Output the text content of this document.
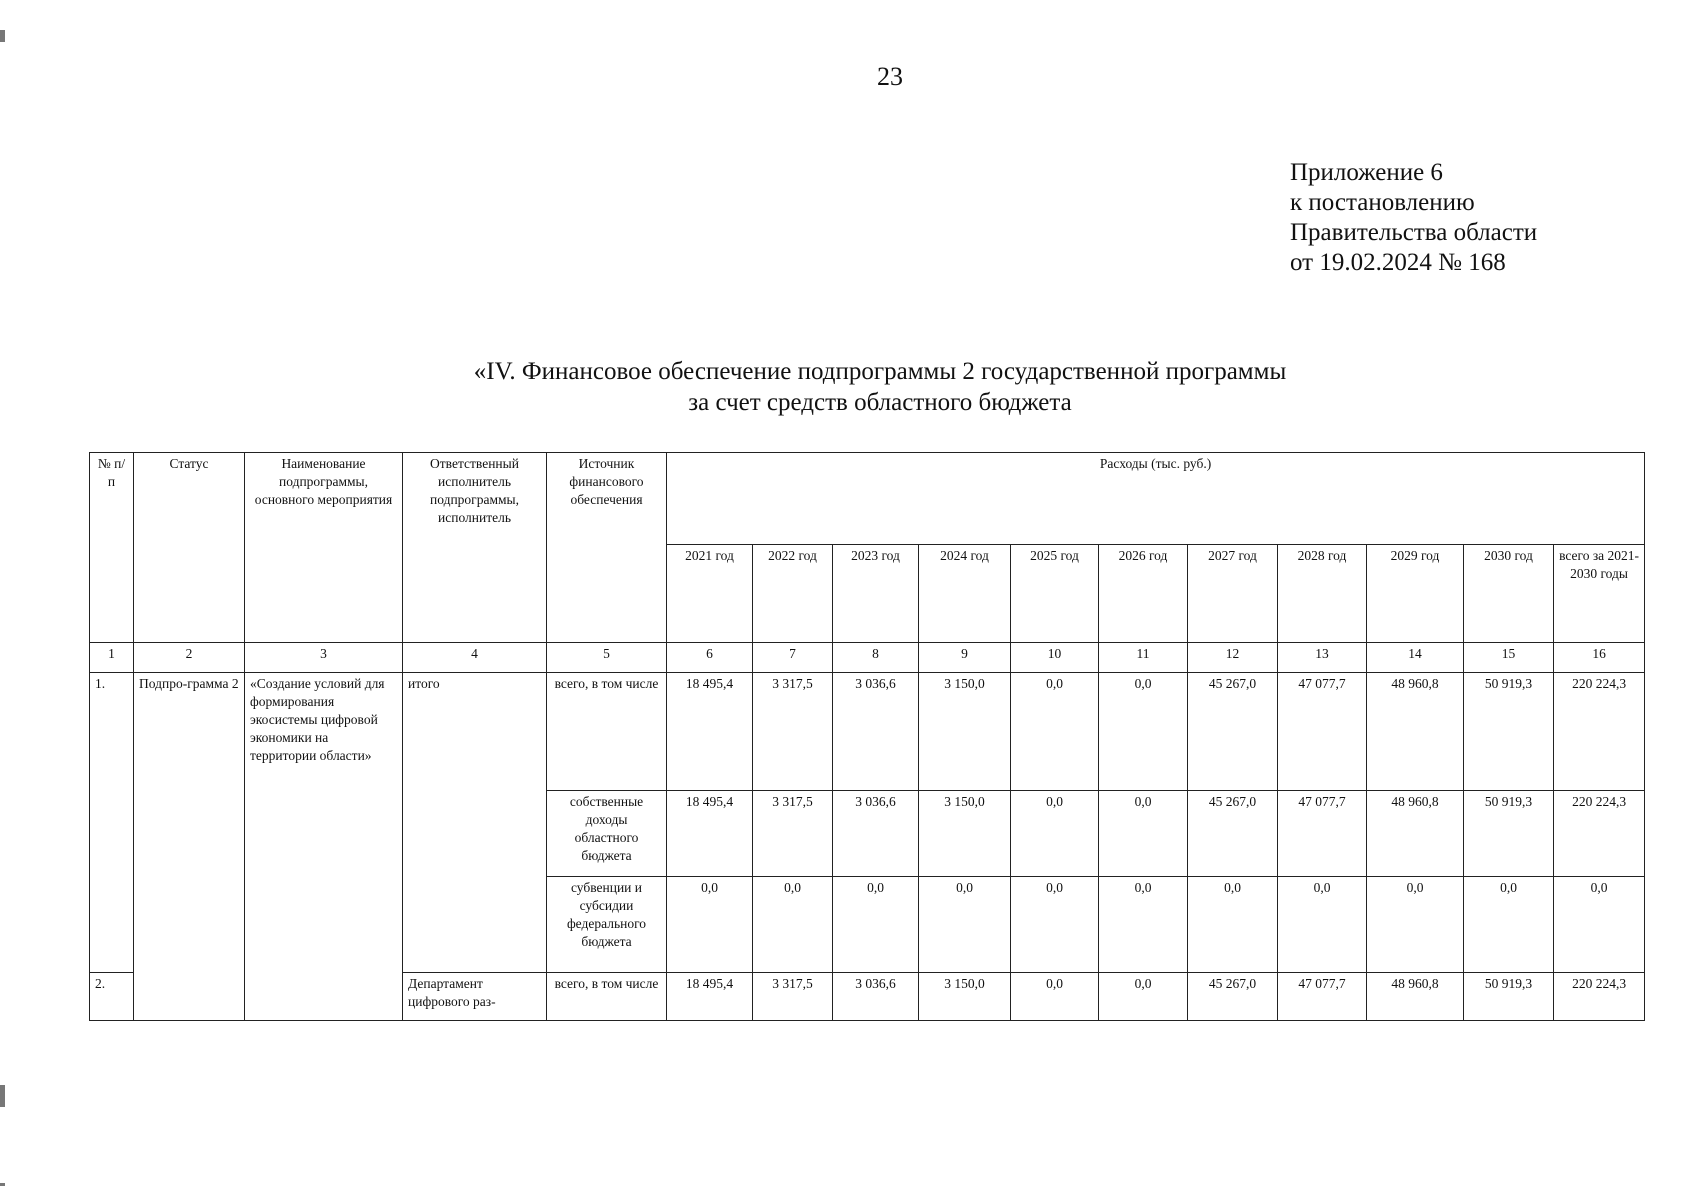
23
Приложение 6
к постановлению
Правительства области
от 19.02.2024 № 168
«IV. Финансовое обеспечение подпрограммы 2 государственной программы
за счет средств областного бюджета
№ п/ п	Статус	Наименование подпрограммы, основного мероприятия	Ответственный исполнитель подпрограммы, исполнитель	Источник финансового обеспечения	Расходы (тыс. руб.)										
					2021 год	2022 год	2023 год	2024 год	2025 год	2026 год	2027 год	2028 год	2029 год	2030 год	всего за 2021-2030 годы
1	2	3	4	5	6	7	8	9	10	11	12	13	14	15	16
1.	Подпро-грамма 2	«Создание условий для формирования экосистемы цифровой экономики на территории области»	итого	всего, в том числе	18 495,4	3 317,5	3 036,6	3 150,0	0,0	0,0	45 267,0	47 077,7	48 960,8	50 919,3	220 224,3
				собственные доходы областного бюджета	18 495,4	3 317,5	3 036,6	3 150,0	0,0	0,0	45 267,0	47 077,7	48 960,8	50 919,3	220 224,3
				субвенции и субсидии федерального бюджета	0,0	0,0	0,0	0,0	0,0	0,0	0,0	0,0	0,0	0,0	0,0
2.			Департамент цифрового раз-	всего, в том числе	18 495,4	3 317,5	3 036,6	3 150,0	0,0	0,0	45 267,0	47 077,7	48 960,8	50 919,3	220 224,3
